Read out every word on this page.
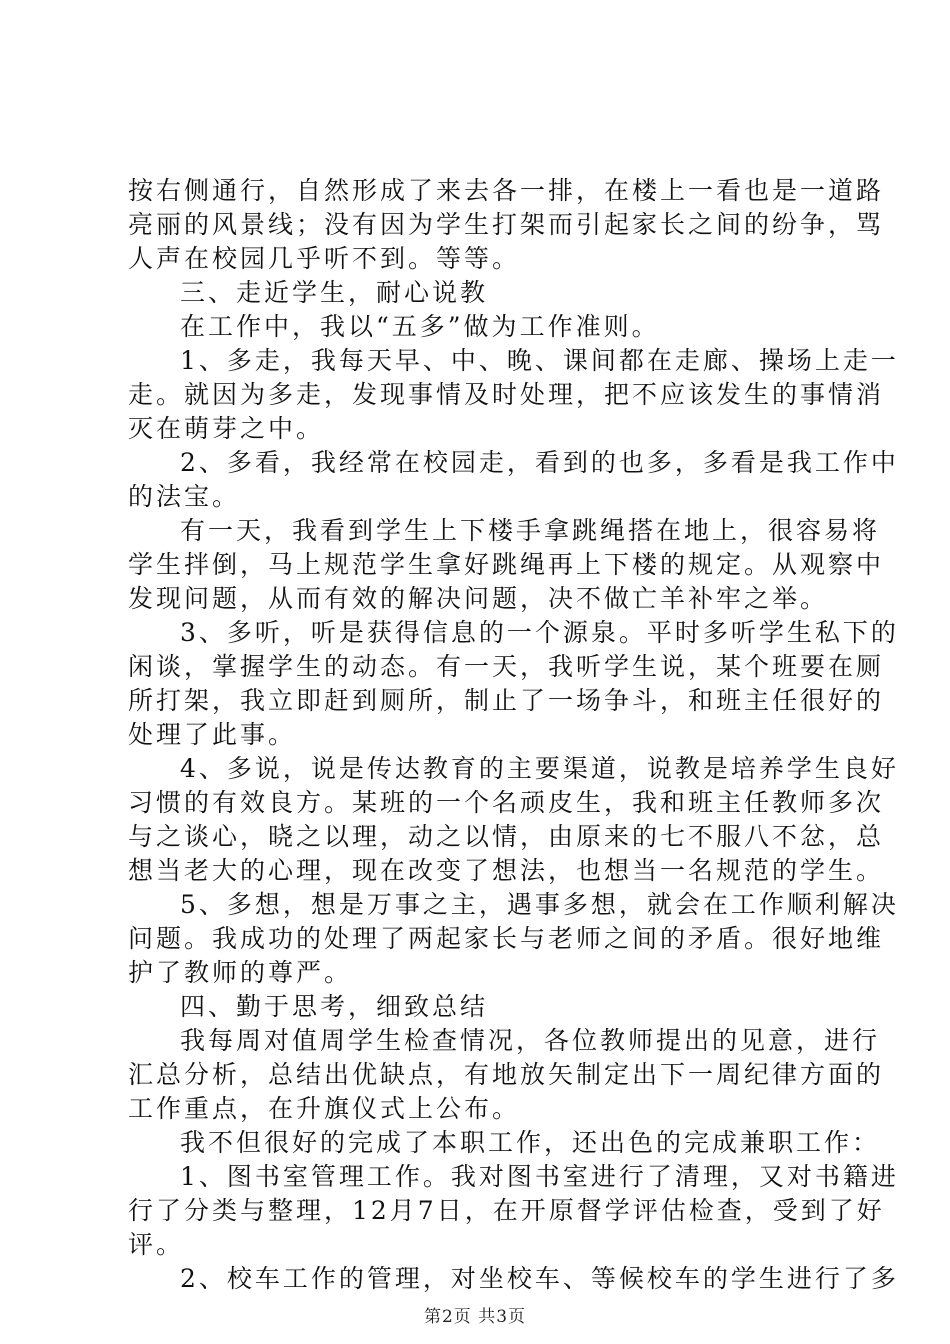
按右侧通行，自然形成了来去各一排，在楼上一看也是一道路
亮丽的风景线；没有因为学生打架而引起家长之间的纷争，骂
人声在校园几乎听不到。等等。
三、走近学生，耐心说教
在工作中，我以“五多”做为工作准则。
1、多走，我每天早、中、晚、课间都在走廊、操场上走一
走。就因为多走，发现事情及时处理，把不应该发生的事情消
灭在萌芽之中。
2、多看，我经常在校园走，看到的也多，多看是我工作中
的法宝。
有一天，我看到学生上下楼手拿跳绳搭在地上，很容易将
学生拌倒，马上规范学生拿好跳绳再上下楼的规定。从观察中
发现问题，从而有效的解决问题，决不做亡羊补牢之举。
3、多听，听是获得信息的一个源泉。平时多听学生私下的
闲谈，掌握学生的动态。有一天，我听学生说，某个班要在厕
所打架，我立即赶到厕所，制止了一场争斗，和班主任很好的
处理了此事。
4、多说，说是传达教育的主要渠道，说教是培养学生良好
习惯的有效良方。某班的一个名顽皮生，我和班主任教师多次
与之谈心，晓之以理，动之以情，由原来的七不服八不忿，总
想当老大的心理，现在改变了想法，也想当一名规范的学生。
5、多想，想是万事之主，遇事多想，就会在工作顺利解决
问题。我成功的处理了两起家长与老师之间的矛盾。很好地维
护了教师的尊严。
四、勤于思考，细致总结
我每周对值周学生检查情况，各位教师提出的见意，进行
汇总分析，总结出优缺点，有地放矢制定出下一周纪律方面的
工作重点，在升旗仪式上公布。
我不但很好的完成了本职工作，还出色的完成兼职工作：
1、图书室管理工作。我对图书室进行了清理，又对书籍进
行了分类与整理，12月7日，在开原督学评估检查，受到了好
评。
2、校车工作的管理，对坐校车、等候校车的学生进行了多
第2页 共3页
